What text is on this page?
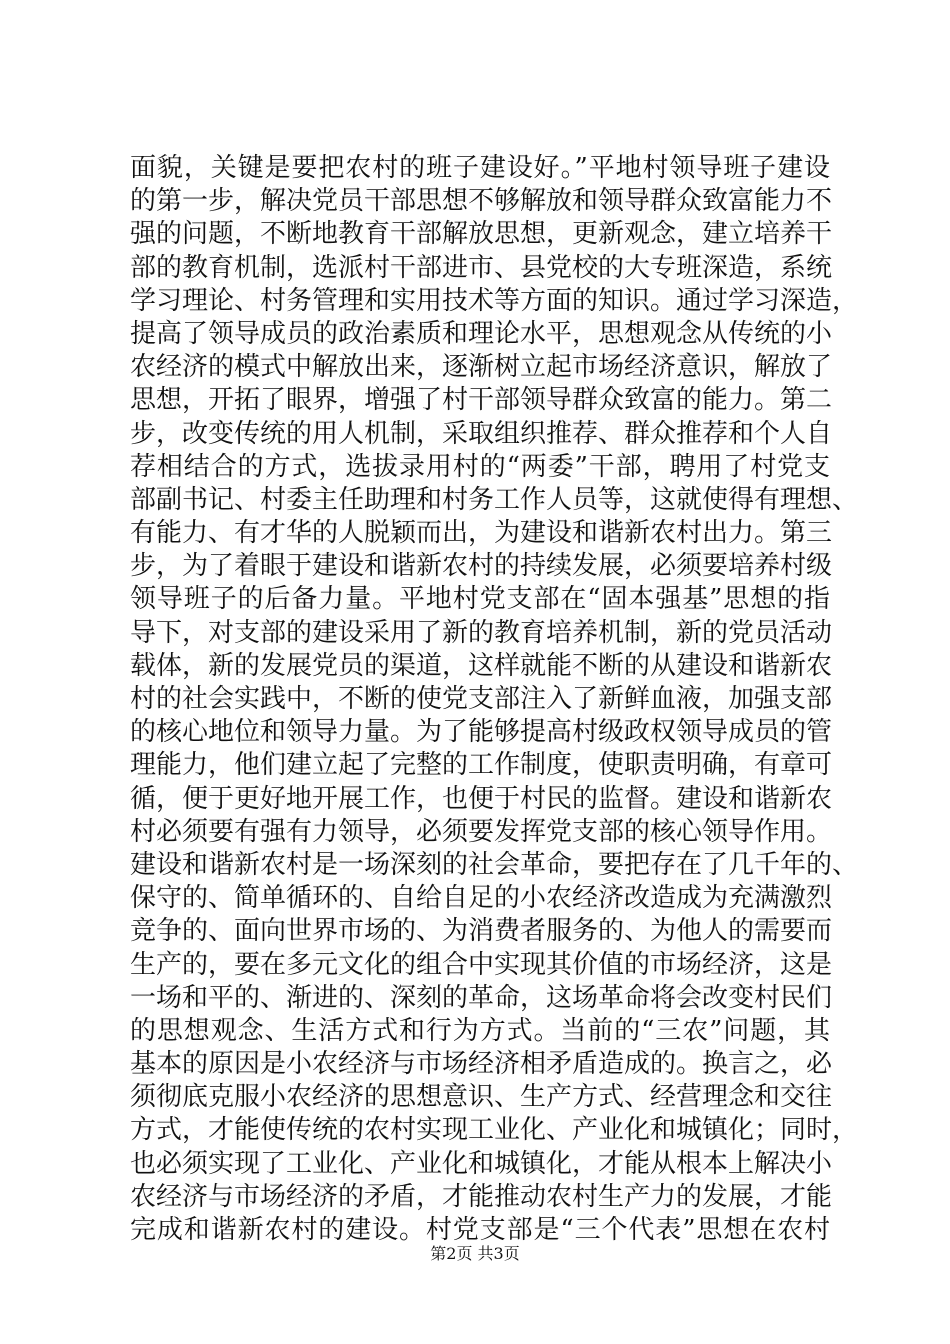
面貌，关键是要把农村的班子建设好。”平地村领导班子建设
的第一步，解决党员干部思想不够解放和领导群众致富能力不
强的问题，不断地教育干部解放思想，更新观念，建立培养干
部的教育机制，选派村干部进市、县党校的大专班深造，系统
学习理论、村务管理和实用技术等方面的知识。通过学习深造，
提高了领导成员的政治素质和理论水平，思想观念从传统的小
农经济的模式中解放出来，逐渐树立起市场经济意识，解放了
思想，开拓了眼界，增强了村干部领导群众致富的能力。第二
步，改变传统的用人机制，采取组织推荐、群众推荐和个人自
荐相结合的方式，选拔录用村的“两委”干部，聘用了村党支
部副书记、村委主任助理和村务工作人员等，这就使得有理想、
有能力、有才华的人脱颖而出，为建设和谐新农村出力。第三
步，为了着眼于建设和谐新农村的持续发展，必须要培养村级
领导班子的后备力量。平地村党支部在“固本强基”思想的指
导下，对支部的建设采用了新的教育培养机制，新的党员活动
载体，新的发展党员的渠道，这样就能不断的从建设和谐新农
村的社会实践中，不断的使党支部注入了新鲜血液，加强支部
的核心地位和领导力量。为了能够提高村级政权领导成员的管
理能力，他们建立起了完整的工作制度，使职责明确，有章可
循，便于更好地开展工作，也便于村民的监督。建设和谐新农
村必须要有强有力领导，必须要发挥党支部的核心领导作用。
建设和谐新农村是一场深刻的社会革命，要把存在了几千年的、
保守的、简单循环的、自给自足的小农经济改造成为充满激烈
竞争的、面向世界市场的、为消费者服务的、为他人的需要而
生产的，要在多元文化的组合中实现其价值的市场经济，这是
一场和平的、渐进的、深刻的革命，这场革命将会改变村民们
的思想观念、生活方式和行为方式。当前的“三农”问题，其
基本的原因是小农经济与市场经济相矛盾造成的。换言之，必
须彻底克服小农经济的思想意识、生产方式、经营理念和交往
方式，才能使传统的农村实现工业化、产业化和城镇化；同时，
也必须实现了工业化、产业化和城镇化，才能从根本上解决小
农经济与市场经济的矛盾，才能推动农村生产力的发展，才能
完成和谐新农村的建设。村党支部是“三个代表”思想在农村
第2页 共3页
